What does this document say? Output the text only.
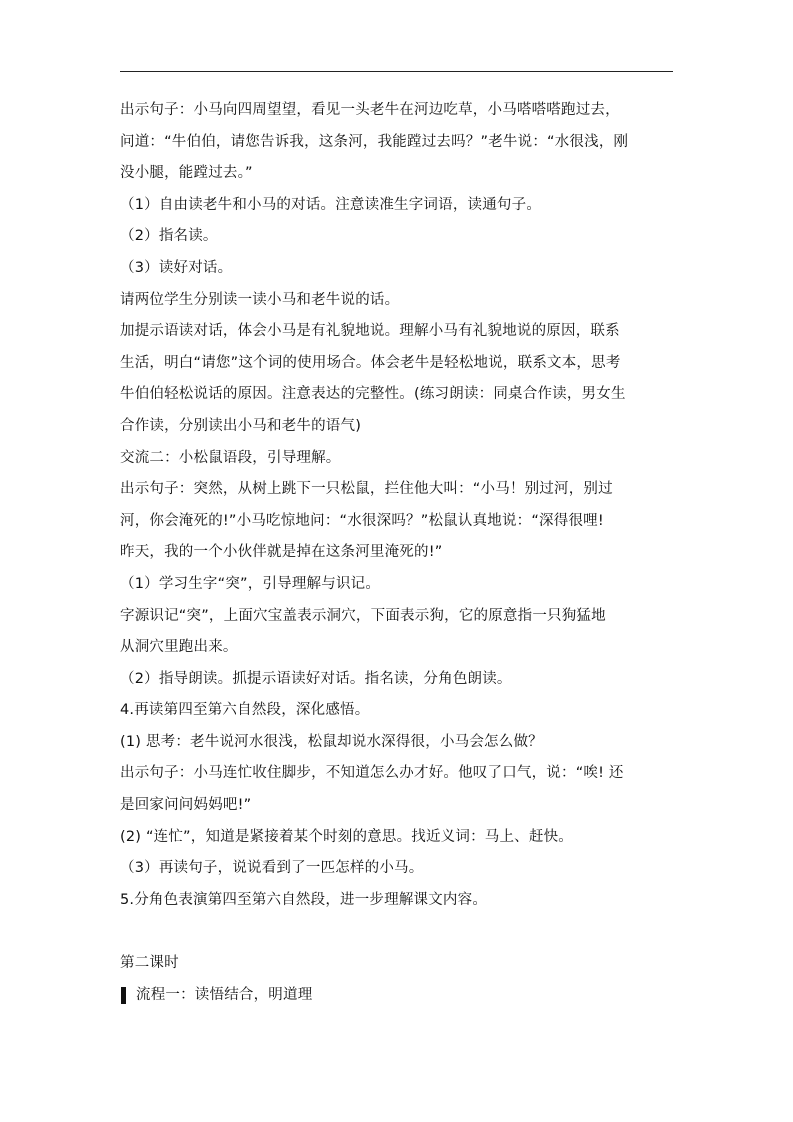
出示句子：小马向四周望望，看见一头老牛在河边吃草，小马嗒嗒嗒跑过去，
问道：“牛伯伯，请您告诉我，这条河，我能蹚过去吗？”老牛说：“水很浅，刚
没小腿，能蹚过去。”
（1）自由读老牛和小马的对话。注意读准生字词语，读通句子。
（2）指名读。
（3）读好对话。
请两位学生分别读一读小马和老牛说的话。
加提示语读对话，体会小马是有礼貌地说。理解小马有礼貌地说的原因，联系
生活，明白“请您”这个词的使用场合。体会老牛是轻松地说，联系文本，思考
牛伯伯轻松说话的原因。注意表达的完整性。(练习朗读：同桌合作读，男女生
合作读，分别读出小马和老牛的语气)
交流二：小松鼠语段，引导理解。
出示句子：突然，从树上跳下一只松鼠，拦住他大叫：“小马！别过河，别过
河，你会淹死的!”小马吃惊地问：“水很深吗？”松鼠认真地说：“深得很哩!
昨天，我的一个小伙伴就是掉在这条河里淹死的!”
（1）学习生字“突”，引导理解与识记。
字源识记“突”，上面穴宝盖表示洞穴，下面表示狗，它的原意指一只狗猛地
从洞穴里跑出来。
（2）指导朗读。抓提示语读好对话。指名读，分角色朗读。
4.再读第四至第六自然段，深化感悟。
(1) 思考：老牛说河水很浅，松鼠却说水深得很，小马会怎么做？
出示句子：小马连忙收住脚步，不知道怎么办才好。他叹了口气，说：“唉! 还
是回家问问妈妈吧!”
(2) “连忙”，知道是紧接着某个时刻的意思。找近义词：马上、赶快。
（3）再读句子，说说看到了一匹怎样的小马。
5.分角色表演第四至第六自然段，进一步理解课文内容。
第二课时
流程一：读悟结合，明道理
